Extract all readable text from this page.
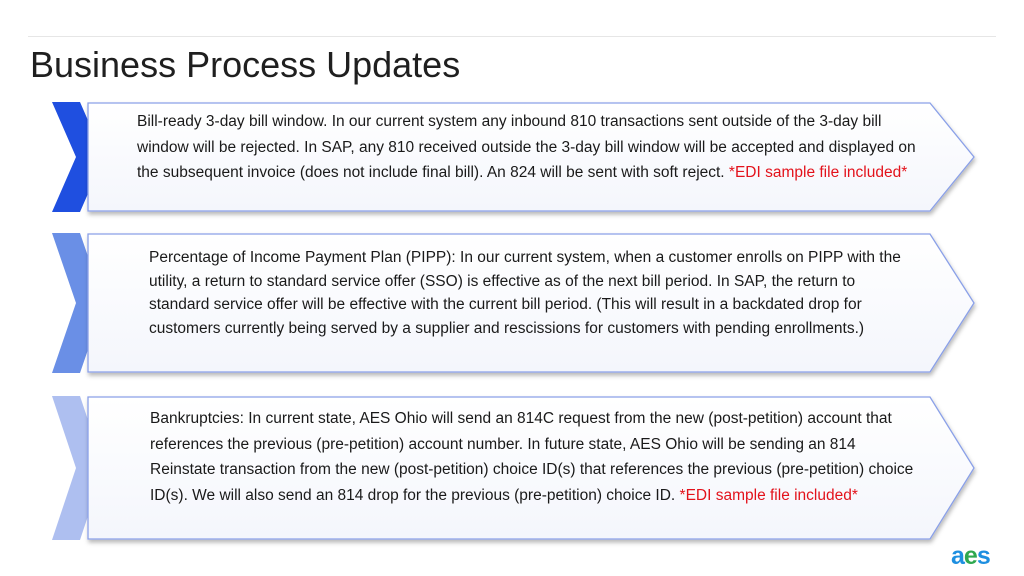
Business Process Updates
Bill-ready 3-day bill window. In our current system any inbound 810 transactions sent outside of the 3-day bill window will be rejected. In SAP, any 810 received outside the 3-day bill window will be accepted and displayed on the subsequent invoice (does not include final bill). An 824 will be sent with soft reject. *EDI sample file included*
Percentage of Income Payment Plan (PIPP): In our current system, when a customer enrolls on PIPP with the utility, a return to standard service offer (SSO) is effective as of the next bill period. In SAP, the return to standard service offer will be effective with the current bill period. (This will result in a backdated drop for customers currently being served by a supplier and rescissions for customers with pending enrollments.)
Bankruptcies: In current state, AES Ohio will send an 814C request from the new (post-petition) account that references the previous (pre-petition) account number. In future state, AES Ohio will be sending an 814 Reinstate transaction from the new (post-petition) choice ID(s) that references the previous (pre-petition) choice ID(s). We will also send an 814 drop for the previous (pre-petition) choice ID. *EDI sample file included*
aes
